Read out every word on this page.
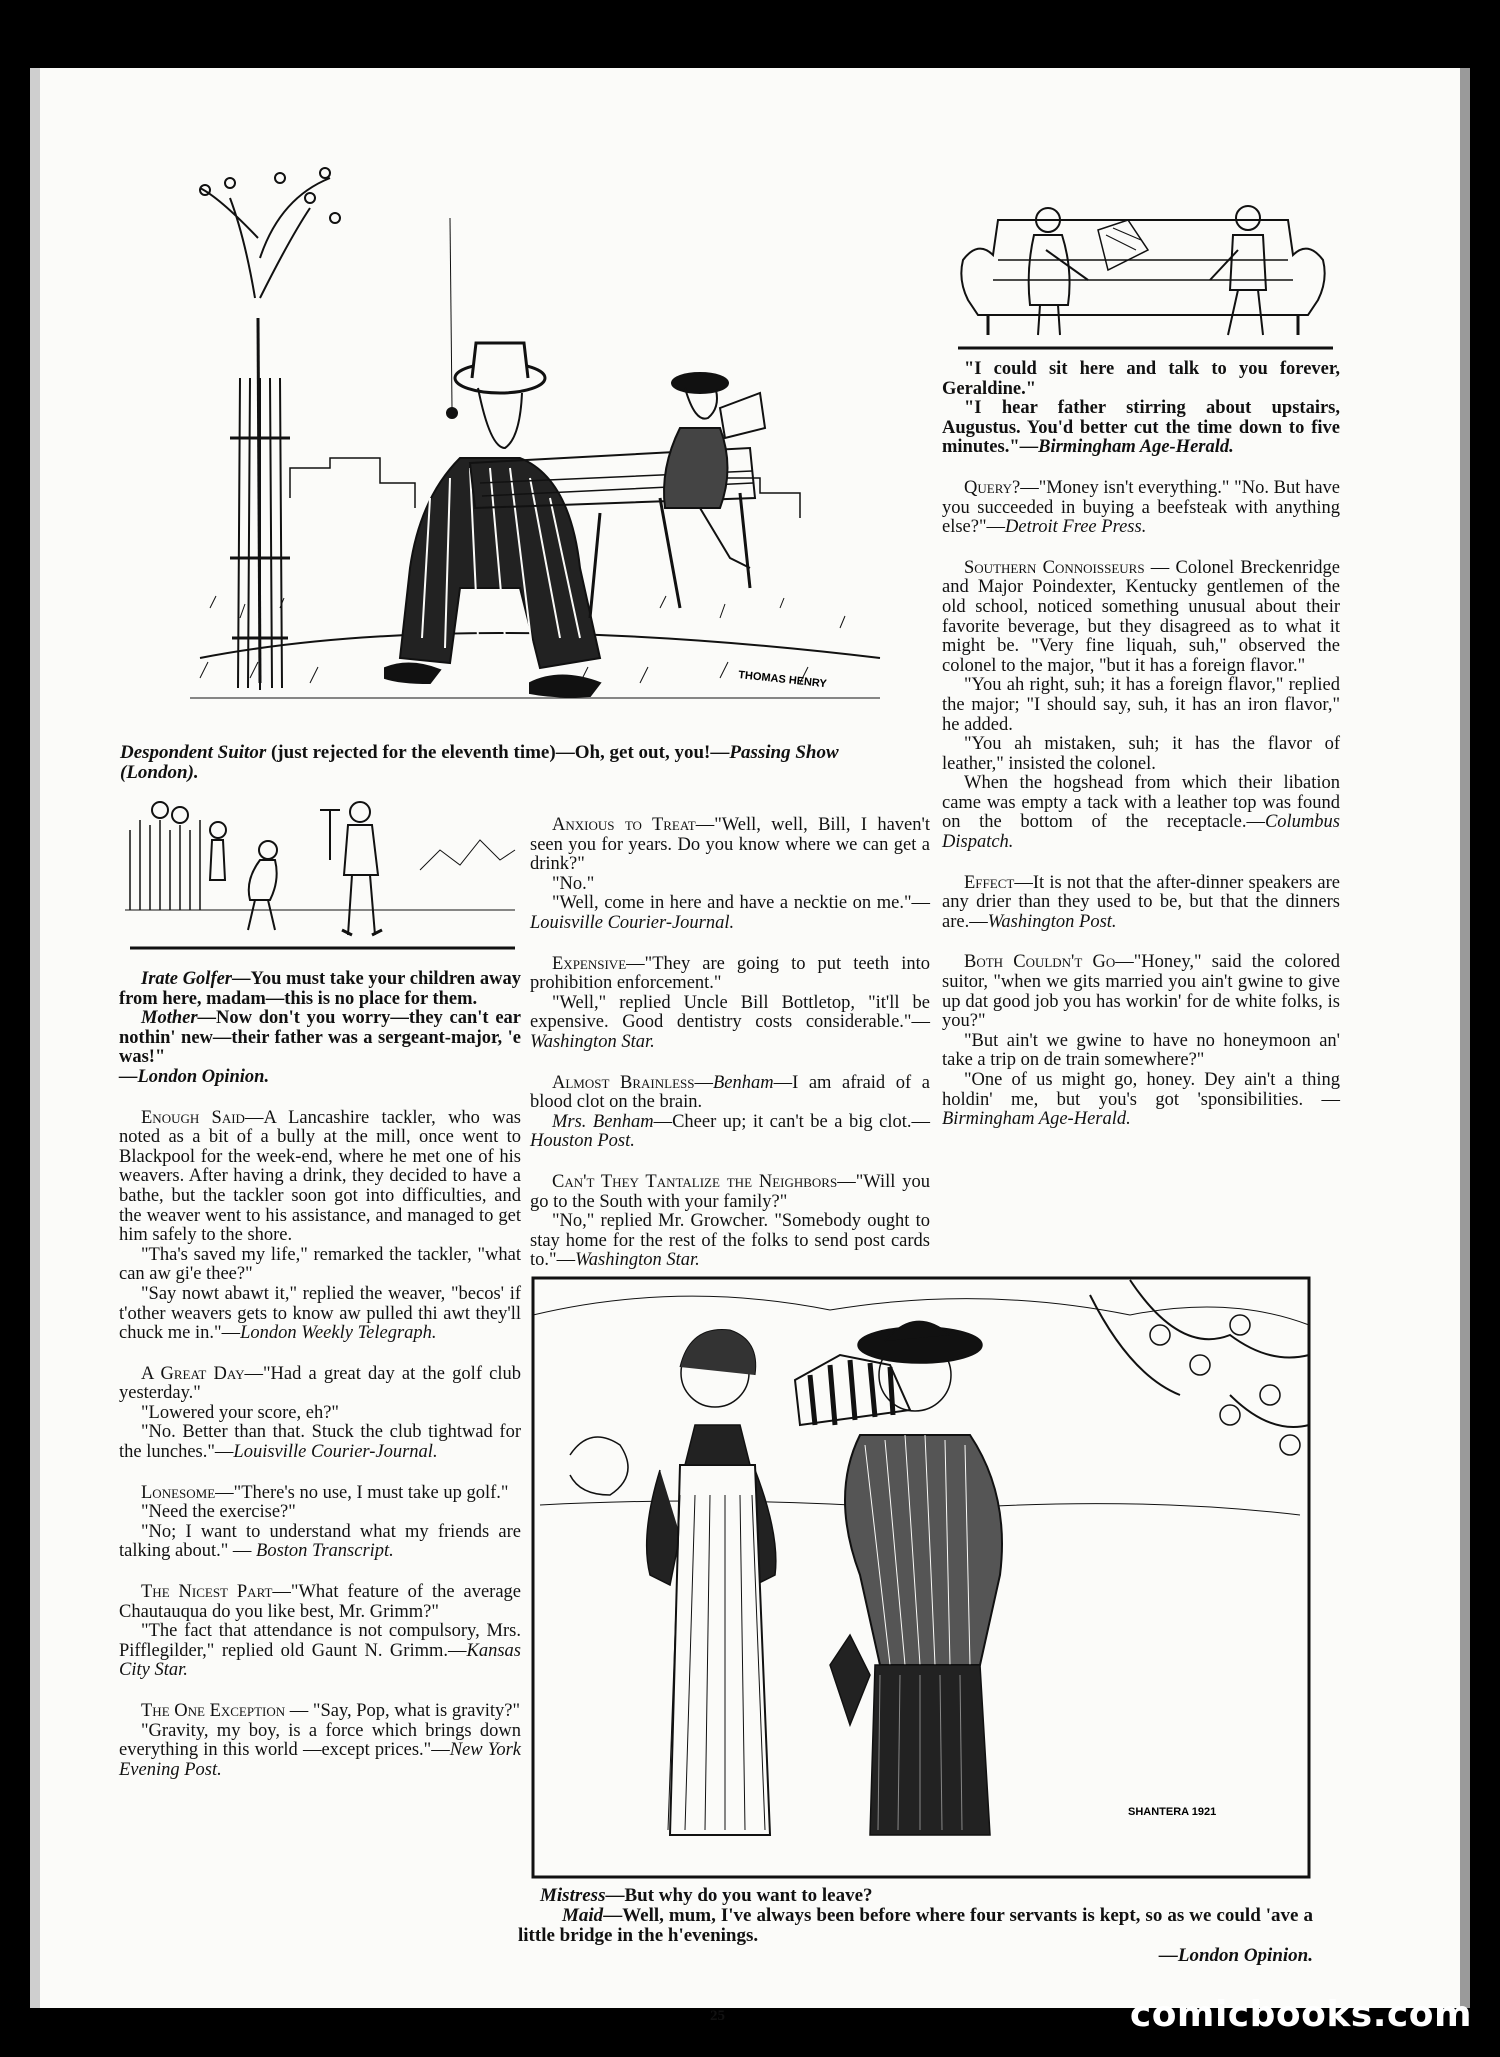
THOMAS HENRY

Despondent Suitor (just rejected for the eleventh time)—Oh, get out, you!—Passing Show (London).

SHANTERA 1921

Mistress—But why do you want to leave?

Maid—Well, mum, I've always been before where four servants is kept, so as we could 'ave a little bridge in the h'evenings.

—London Opinion.

Irate Golfer—You must take your children away from here, madam—this is no place for them.

Mother—Now don't you worry—they can't ear nothin' new—their father was a sergeant-major, 'e was!"

—London Opinion.

Enough Said—A Lancashire tackler, who was noted as a bit of a bully at the mill, once went to Blackpool for the week-end, where he met one of his weavers. After having a drink, they decided to have a bathe, but the tackler soon got into difficulties, and the weaver went to his assistance, and managed to get him safely to the shore.

"Tha's saved my life," remarked the tackler, "what can aw gi'e thee?"

"Say nowt abawt it," replied the weaver, "becos' if t'other weavers gets to know aw pulled thi awt they'll chuck me in."—London Weekly Telegraph.

A Great Day—"Had a great day at the golf club yesterday."

"Lowered your score, eh?"

"No. Better than that. Stuck the club tightwad for the lunches."—Louisville Courier-Journal.

Lonesome—"There's no use, I must take up golf."

"Need the exercise?"

"No; I want to understand what my friends are talking about." — Boston Transcript.

The Nicest Part—"What feature of the average Chautauqua do you like best, Mr. Grimm?"

"The fact that attendance is not compulsory, Mrs. Pifflegilder," replied old Gaunt N. Grimm.—Kansas City Star.

The One Exception — "Say, Pop, what is gravity?"

"Gravity, my boy, is a force which brings down everything in this world —except prices."—New York Evening Post.

Anxious to Treat—"Well, well, Bill, I haven't seen you for years. Do you know where we can get a drink?"

"No."

"Well, come in here and have a necktie on me."—Louisville Courier-Journal.

Expensive—"They are going to put teeth into prohibition enforcement."

"Well," replied Uncle Bill Bottletop, "it'll be expensive. Good dentistry costs considerable."—Washington Star.

Almost Brainless—Benham—I am afraid of a blood clot on the brain.

Mrs. Benham—Cheer up; it can't be a big clot.—Houston Post.

Can't They Tantalize the Neighbors—"Will you go to the South with your family?"

"No," replied Mr. Growcher. "Somebody ought to stay home for the rest of the folks to send post cards to."—Washington Star.

"I could sit here and talk to you forever, Geraldine."

"I hear father stirring about upstairs, Augustus. You'd better cut the time down to five minutes."—Birmingham Age-Herald.

Query?—"Money isn't everything." "No. But have you succeeded in buying a beefsteak with anything else?"—Detroit Free Press.

Southern Connoisseurs — Colonel Breckenridge and Major Poindexter, Kentucky gentlemen of the old school, noticed something unusual about their favorite beverage, but they disagreed as to what it might be. "Very fine liquah, suh," observed the colonel to the major, "but it has a foreign flavor."

"You ah right, suh; it has a foreign flavor," replied the major; "I should say, suh, it has an iron flavor," he added.

"You ah mistaken, suh; it has the flavor of leather," insisted the colonel.

When the hogshead from which their libation came was empty a tack with a leather top was found on the bottom of the receptacle.—Columbus Dispatch.

Effect—It is not that the after-dinner speakers are any drier than they used to be, but that the dinners are.—Washington Post.

Both Couldn't Go—"Honey," said the colored suitor, "when we gits married you ain't gwine to give up dat good job you has workin' for de white folks, is you?"

"But ain't we gwine to have no honeymoon an' take a trip on de train somewhere?"

"One of us might go, honey. Dey ain't a thing holdin' me, but you's got 'sponsibilities. — Birmingham Age-Herald.

25	comicbooks.com
